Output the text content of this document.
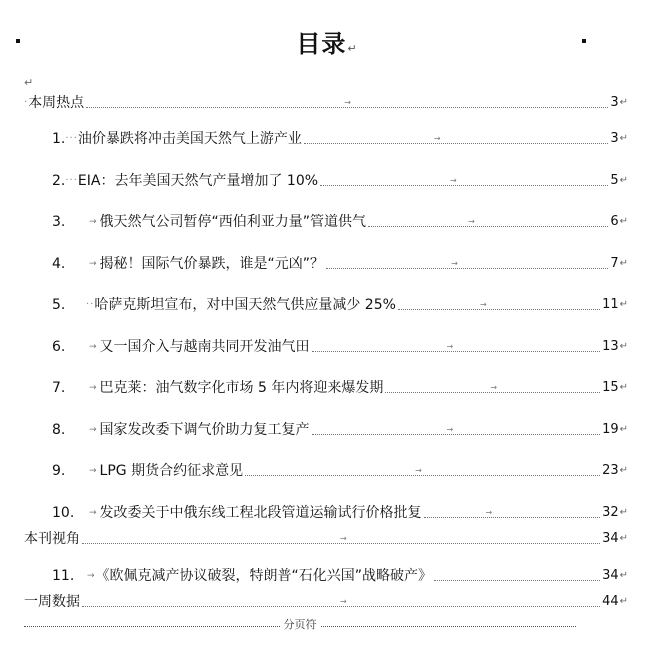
目录↵
↵
· 本周热点	→	3 ↵
1. ··· 油价暴跌将冲击美国天然气上游产业	→	3 ↵
2. ··· EIA：去年美国天然气产量增加了 10%	→	5 ↵
3.	→ 俄天然气公司暂停“西伯利亚力量”管道供气	→	6 ↵
4.	→ 揭秘！国际气价暴跌，谁是“元凶”？	→	7 ↵
5.	·· 哈萨克斯坦宣布，对中国天然气供应量减少 25%	→	11 ↵
6.	→ 又一国介入与越南共同开发油气田	→	13 ↵
7.	→ 巴克莱：油气数字化市场 5 年内将迎来爆发期	→	15 ↵
8.	→ 国家发改委下调气价助力复工复产	→	19 ↵
9.	→ LPG 期货合约征求意见	→	23 ↵
10.	→ 发改委关于中俄东线工程北段管道运输试行价格批复	→	32 ↵
本刊视角	→	34 ↵
11.	→ 《欧佩克减产协议破裂，特朗普“石化兴国”战略破产》	34 ↵
一周数据	→	44 ↵
分页符
